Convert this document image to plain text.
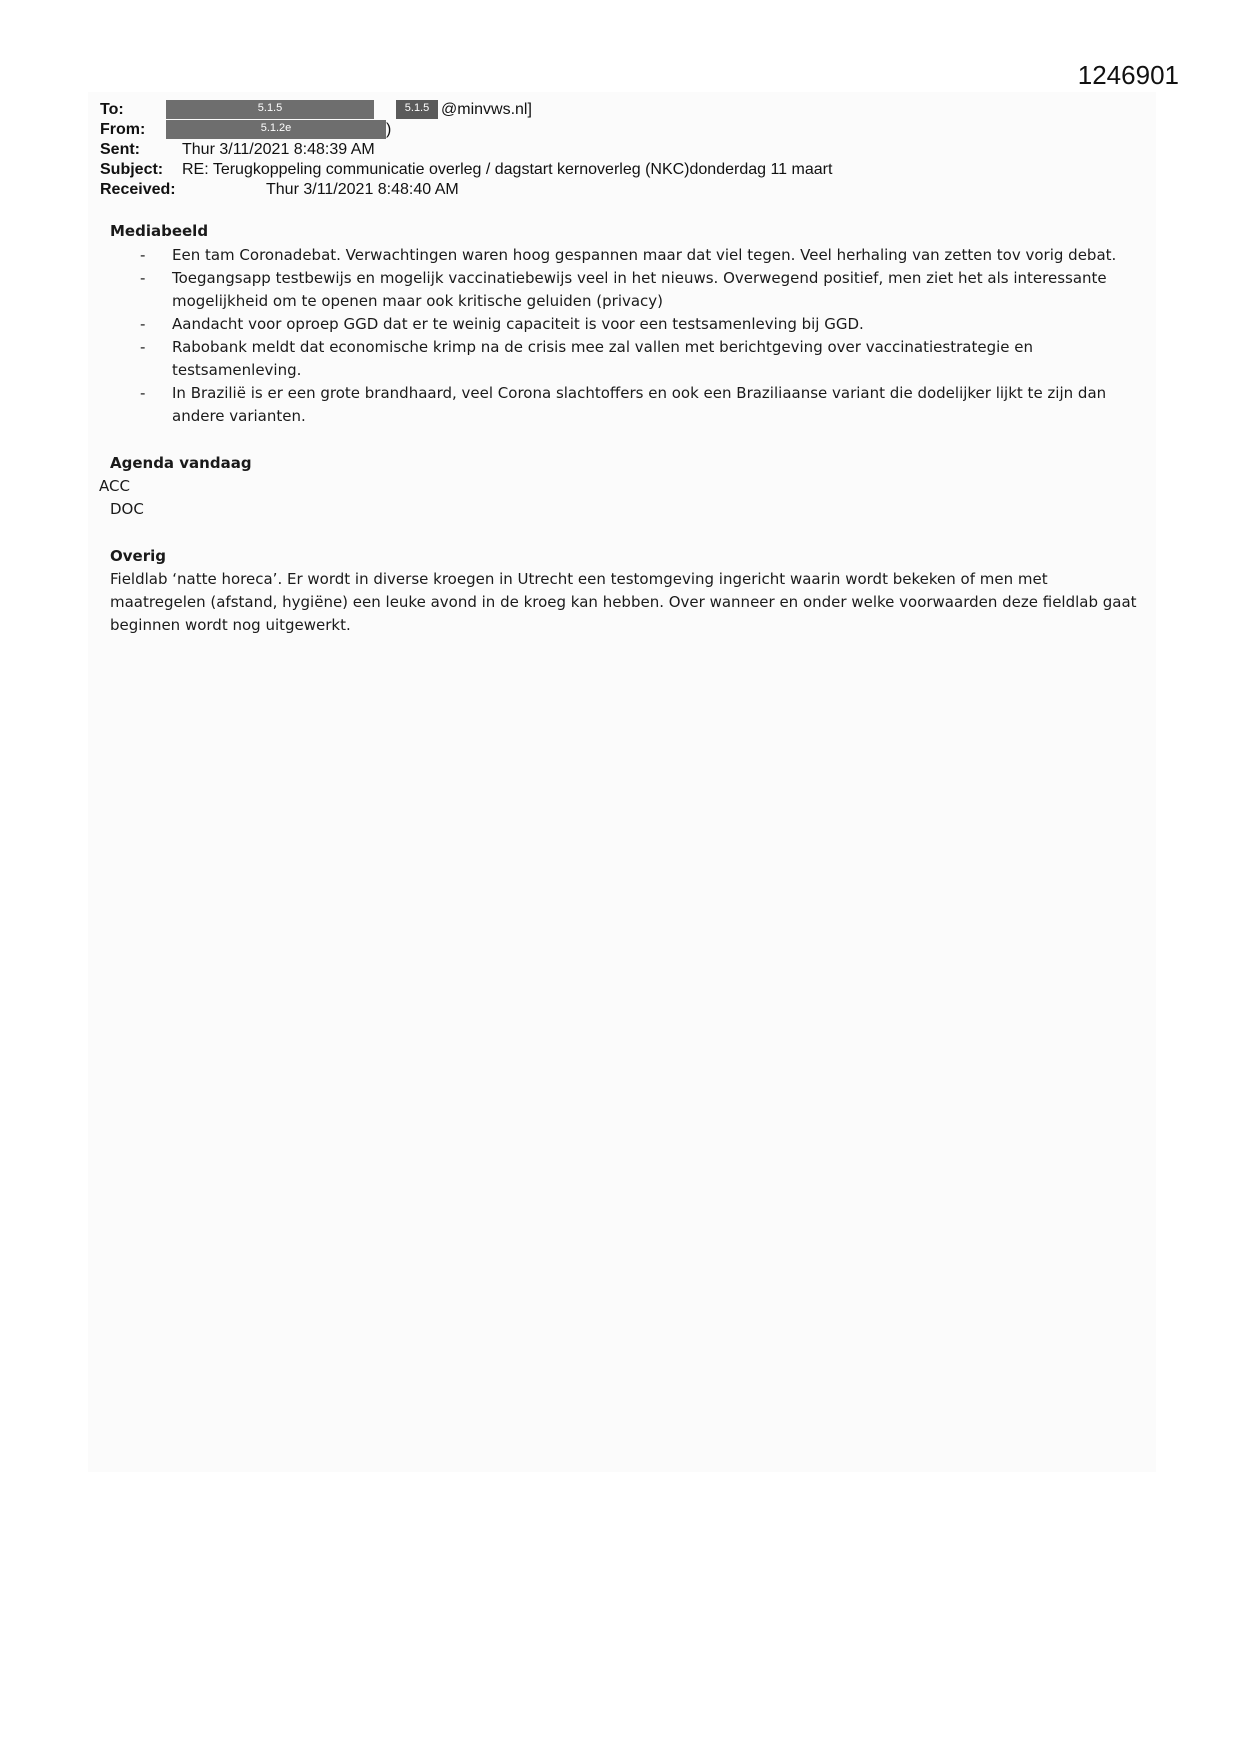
1246901
To:	5.1.5	5.1.5 @minvws.nl]
From:	5.1.2e	)
Sent:	Thur 3/11/2021 8:48:39 AM
Subject: RE: Terugkoppeling communicatie overleg / dagstart kernoverleg (NKC)donderdag 11 maart
Received:	Thur 3/11/2021 8:48:40 AM

Mediabeeld

- Een tam Coronadebat. Verwachtingen waren hoog gespannen maar dat viel tegen. Veel herhaling van zetten tov vorig debat.
- Toegangsapp testbewijs en mogelijk vaccinatiebewijs veel in het nieuws. Overwegend positief, men ziet het als interessante mogelijkheid om te openen maar ook kritische geluiden (privacy)
- Aandacht voor oproep GGD dat er te weinig capaciteit is voor een testsamenleving bij GGD.
- Rabobank meldt dat economische krimp na de crisis mee zal vallen met berichtgeving over vaccinatiestrategie en testsamenleving.
- In Brazilië is er een grote brandhaard, veel Corona slachtoffers en ook een Braziliaanse variant die dodelijker lijkt te zijn dan andere varianten.

Agenda vandaag

ACC

DOC

Overig

Fieldlab ‘natte horeca’. Er wordt in diverse kroegen in Utrecht een testomgeving ingericht waarin wordt bekeken of men met maatregelen (afstand, hygiëne) een leuke avond in de kroeg kan hebben. Over wanneer en onder welke voorwaarden deze fieldlab gaat beginnen wordt nog uitgewerkt.
